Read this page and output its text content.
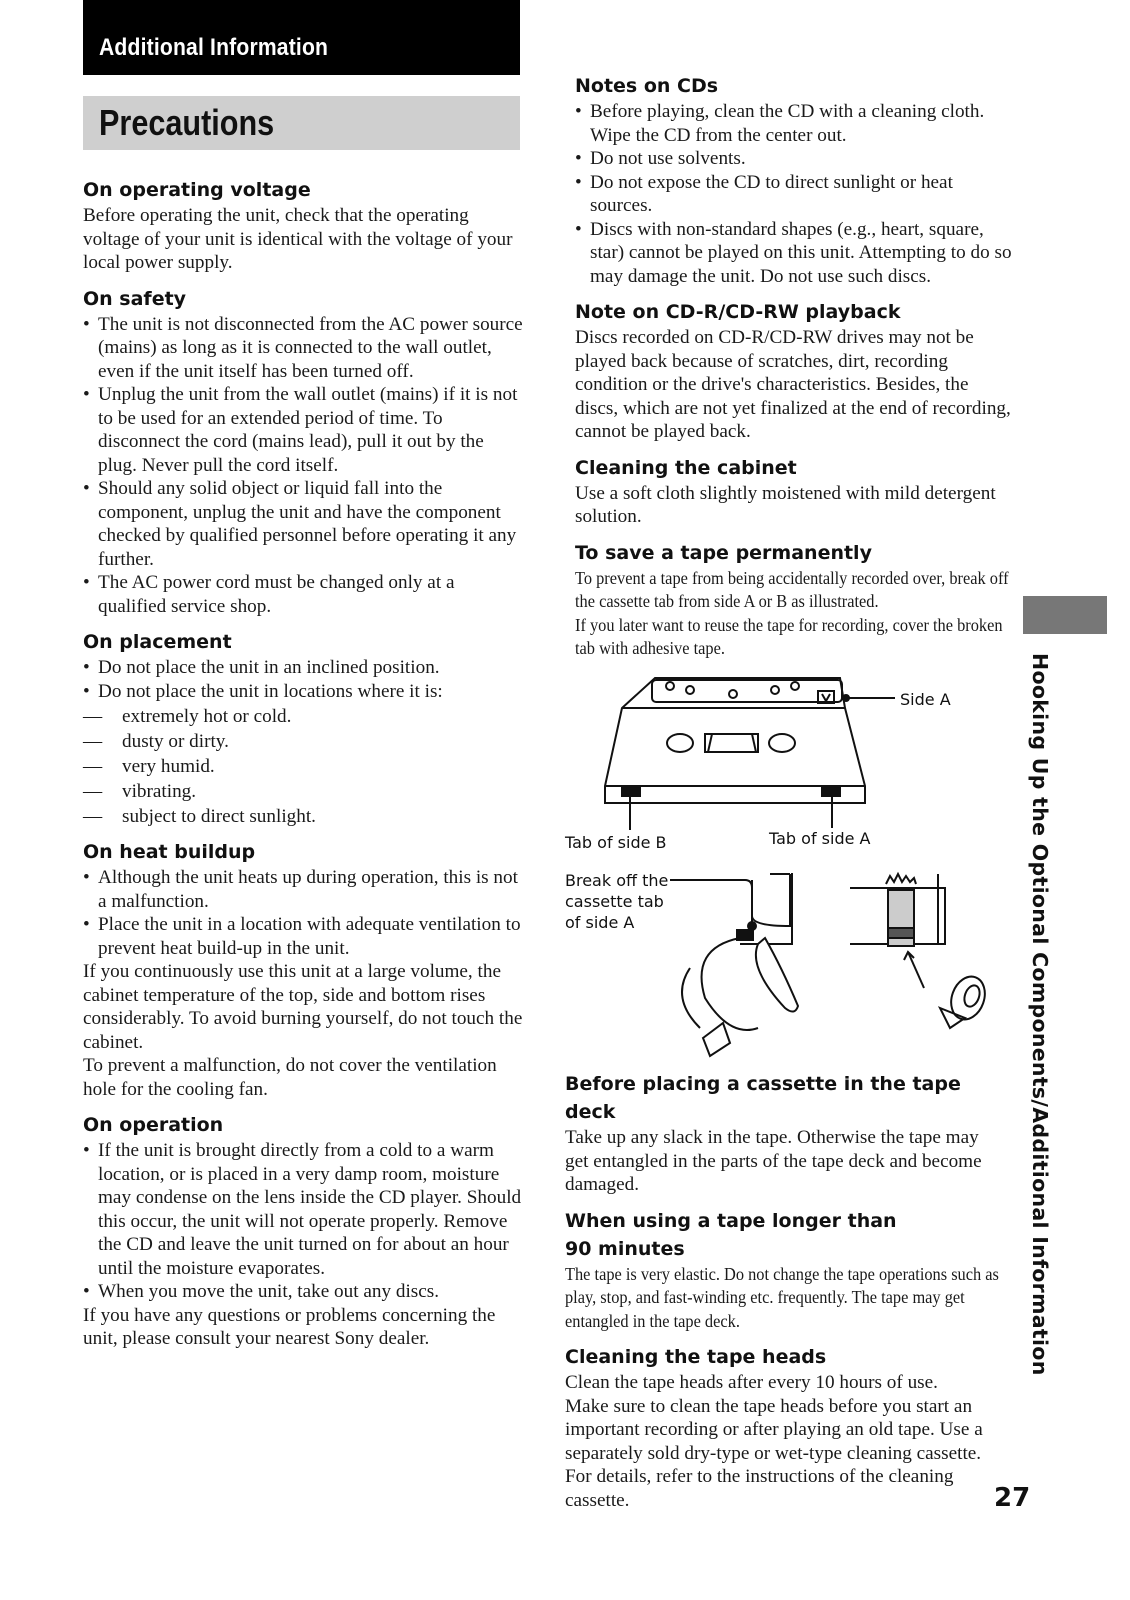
Additional Information
Precautions
On operating voltage

Before operating the unit, check that the operating voltage of your unit is identical with the voltage of your local power supply.

On safety
• The unit is not disconnected from the AC power source (mains) as long as it is connected to the wall outlet, even if the unit itself has been turned off.
• Unplug the unit from the wall outlet (mains) if it is not to be used for an extended period of time. To disconnect the cord (mains lead), pull it out by the plug. Never pull the cord itself.
• Should any solid object or liquid fall into the component, unplug the unit and have the component checked by qualified personnel before operating it any further.
• The AC power cord must be changed only at a qualified service shop.
On placement
• Do not place the unit in an inclined position.
• Do not place the unit in locations where it is:
— extremely hot or cold.
— dusty or dirty.
— very humid.
— vibrating.
— subject to direct sunlight.
On heat buildup
• Although the unit heats up during operation, this is not a malfunction.
• Place the unit in a location with adequate ventilation to prevent heat build-up in the unit.

If you continuously use this unit at a large volume, the cabinet temperature of the top, side and bottom rises considerably. To avoid burning yourself, do not touch the cabinet.

To prevent a malfunction, do not cover the ventilation hole for the cooling fan.

On operation
• If the unit is brought directly from a cold to a warm location, or is placed in a very damp room, moisture may condense on the lens inside the CD player. Should this occur, the unit will not operate properly. Remove the CD and leave the unit turned on for about an hour until the moisture evaporates.
• When you move the unit, take out any discs.

If you have any questions or problems concerning the unit, please consult your nearest Sony dealer.

Notes on CDs
• Before playing, clean the CD with a cleaning cloth. Wipe the CD from the center out.
• Do not use solvents.
• Do not expose the CD to direct sunlight or heat sources.
• Discs with non-standard shapes (e.g., heart, square, star) cannot be played on this unit. Attempting to do so may damage the unit. Do not use such discs.
Note on CD-R/CD-RW playback

Discs recorded on CD-R/CD-RW drives may not be played back because of scratches, dirt, recording condition or the drive's characteristics. Besides, the discs, which are not yet finalized at the end of recording, cannot be played back.

Cleaning the cabinet

Use a soft cloth slightly moistened with mild detergent solution.

To save a tape permanently

To prevent a tape from being accidentally recorded over, break off the cassette tab from side A or B as illustrated.

If you later want to reuse the tape for recording, cover the broken tab with adhesive tape.

Side A
Tab of side B	Tab of side A
Break off the
cassette tab
of side A
Before placing a cassette in the tape
deck

Take up any slack in the tape. Otherwise the tape may get entangled in the parts of the tape deck and become damaged.

When using a tape longer than
90 minutes

The tape is very elastic. Do not change the tape operations such as play, stop, and fast-winding etc. frequently. The tape may get entangled in the tape deck.

Cleaning the tape heads

Clean the tape heads after every 10 hours of use.

Make sure to clean the tape heads before you start an important recording or after playing an old tape. Use a separately sold dry-type or wet-type cleaning cassette. For details, refer to the instructions of the cleaning cassette.

Hooking Up the Optional Components/Additional Information
27
